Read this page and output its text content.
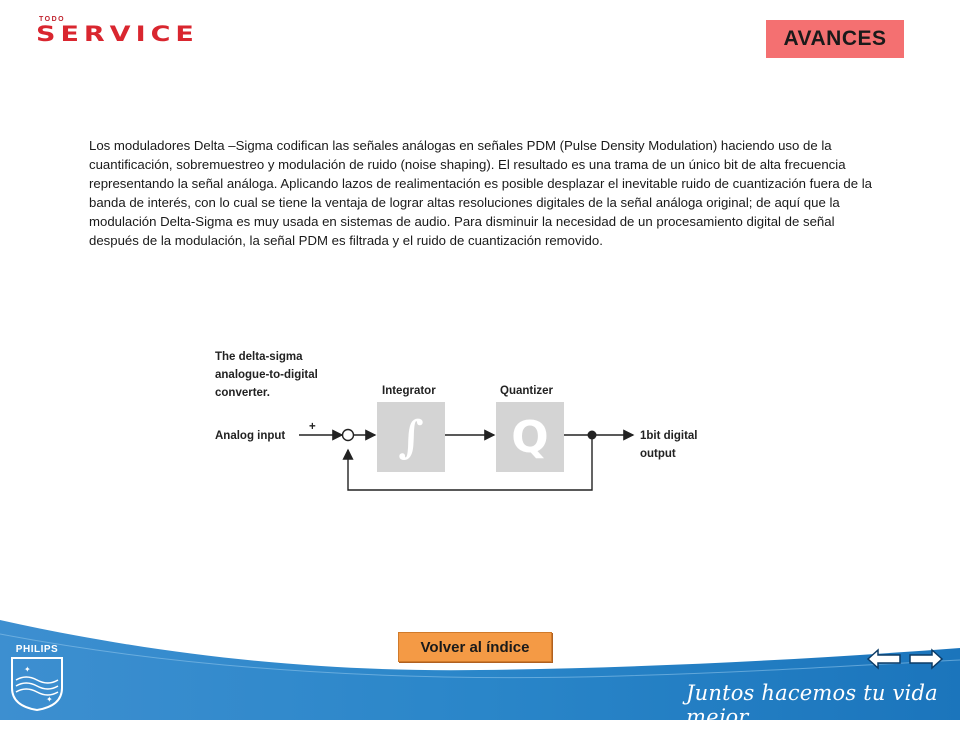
TODO
SERVICE	AVANCES

Los moduladores Delta –Sigma codifican las señales análogas en señales PDM (Pulse Density Modulation) haciendo uso de la cuantificación, sobremuestreo y modulación de ruido (noise shaping). El resultado es una trama de un único bit de alta frecuencia representando la señal análoga. Aplicando lazos de realimentación es posible desplazar el inevitable ruido de cuantización fuera de la banda de interés, con lo cual se tiene la ventaja de lograr altas resoluciones digitales de la señal análoga original; de aquí que la modulación Delta-Sigma es muy usada en sistemas de audio. Para disminuir la necesidad de un procesamiento digital de señal después de la modulación, la señal PDM es filtrada y el ruido de cuantización removido.

The delta-sigma
analogue-to-digital
converter.	Integrator	Quantizer
Analog input
+ ∫ Q	1bit digital
output
PHILIPS
✦
✦
Volver al índice
Juntos hacemos tu vida mejor
